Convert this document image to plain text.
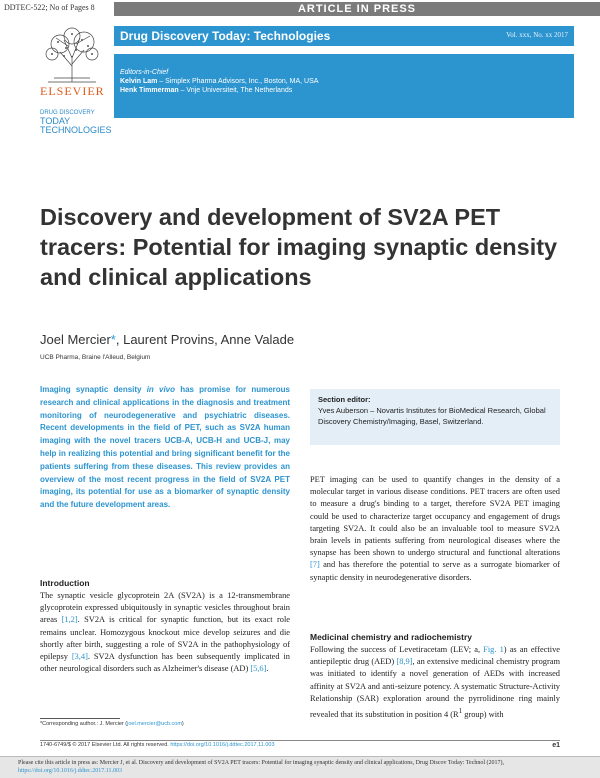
DDTEC-522; No of Pages 8	ARTICLE IN PRESS
ELSEVIER
DRUG DISCOVERY
TODAY
TECHNOLOGIES
Drug Discovery Today: Technologies	Vol. xxx, No. xx 2017
Editors-in-Chief
Kelvin Lam – Simplex Pharma Advisors, Inc., Boston, MA, USA
Henk Timmerman – Vrije Universiteit, The Netherlands
Discovery and development of SV2A PET tracers: Potential for imaging synaptic density and clinical applications
Joel Mercier*, Laurent Provins, Anne Valade
UCB Pharma, Braine l'Alleud, Belgium
Imaging synaptic density in vivo has promise for numerous research and clinical applications in the diagnosis and treatment monitoring of neurodegenerative and psychiatric diseases. Recent developments in the field of PET, such as SV2A human imaging with the novel tracers UCB-A, UCB-H and UCB-J, may help in realizing this potential and bring significant benefit for the patients suffering from these diseases. This review provides an overview of the most recent progress in the field of SV2A PET imaging, its potential for use as a biomarker of synaptic density and the future development areas.
Section editor:
Yves Auberson – Novartis Institutes for BioMedical Research, Global Discovery Chemistry/Imaging, Basel, Switzerland.
Introduction
The synaptic vesicle glycoprotein 2A (SV2A) is a 12-transmembrane glycoprotein expressed ubiquitously in synaptic vesicles throughout brain areas [1,2]. SV2A is critical for synaptic function, but its exact role remains unclear. Homozygous knockout mice develop seizures and die shortly after birth, suggesting a role of SV2A in the pathophysiology of epilepsy [3,4]. SV2A dysfunction has been subsequently implicated in other neurological disorders such as Alzheimer's disease (AD) [5,6].
PET imaging can be used to quantify changes in the density of a molecular target in various disease conditions. PET tracers are often used to measure a drug's binding to a target, therefore SV2A PET imaging could be used to characterize target occupancy and engagement of drugs targeting SV2A. It could also be an invaluable tool to measure SV2A brain levels in patients suffering from neurological diseases where the synapse has been shown to undergo structural and functional alterations [7] and has therefore the potential to serve as a surrogate biomarker of synaptic density in neurodegenerative disorders.
Medicinal chemistry and radiochemistry
Following the success of Levetiracetam (LEV; a, Fig. 1) as an effective antiepileptic drug (AED) [8,9], an extensive medicinal chemistry program was initiated to identify a novel generation of AEDs with increased affinity at SV2A and anti-seizure potency. A systematic Structure-Activity Relationship (SAR) exploration around the pyrrolidinone ring mainly revealed that its substitution in position 4 ($R^1$ group) with
*Corresponding author.: J. Mercier (joel.mercier@ucb.com)
1740-6749/$ © 2017 Elsevier Ltd. All rights reserved. https://doi.org/10.1016/j.ddtec.2017.11.003	e1
Please cite this article in press as: Mercier J, et al. Discovery and development of SV2A PET tracers: Potential for imaging synaptic density and clinical applications, Drug Discov Today: Technol (2017), https://doi.org/10.1016/j.ddtec.2017.11.003
